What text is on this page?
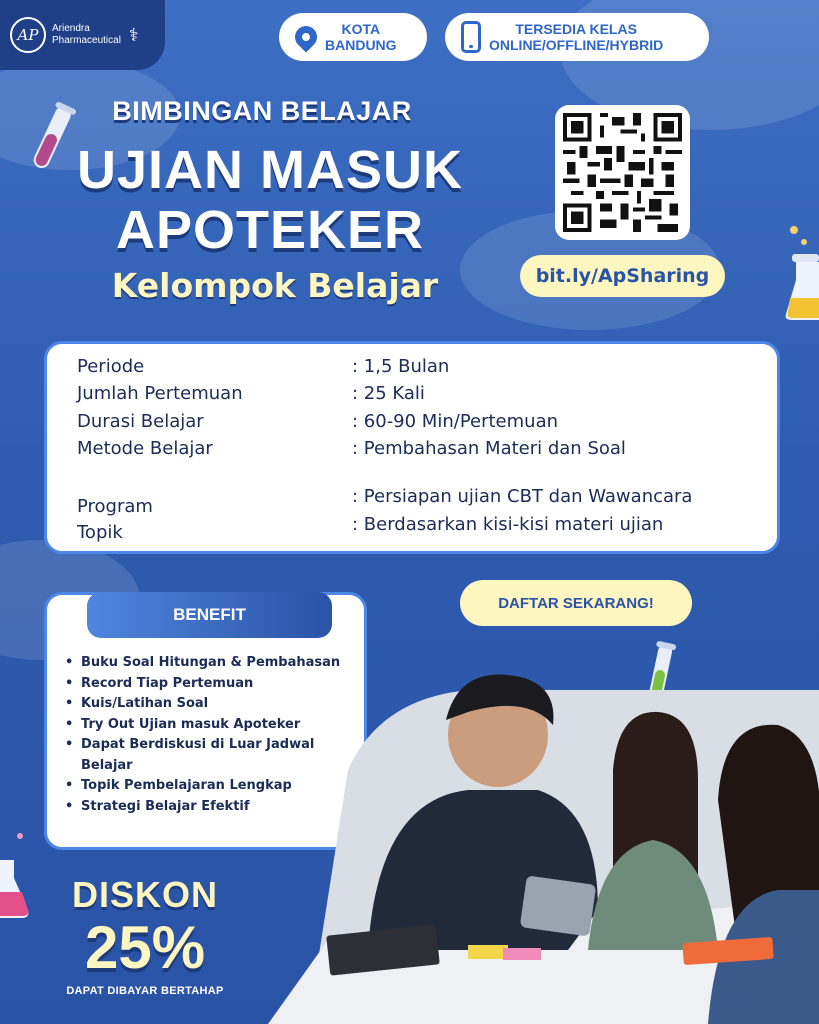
AP	Ariendra
Pharmaceutical ⚕	KOTA
BANDUNG
TERSEDIA KELAS
ONLINE/OFFLINE/HYBRID
BIMBINGAN BELAJAR
UJIAN MASUK
APOTEKER
Kelompok Belajar	bit.ly/ApSharing
Periode	: 1,5 Bulan
Jumlah Pertemuan	: 25 Kali
Durasi Belajar	: 60-90 Min/Pertemuan
Metode Belajar	: Pembahasan Materi dan Soal
Program	: Persiapan ujian CBT dan Wawancara
Topik	: Berdasarkan kisi-kisi materi ujian
BENEFIT
• Buku Soal Hitungan & Pembahasan
• Record Tiap Pertemuan
• Kuis/Latihan Soal
• Try Out Ujian masuk Apoteker
• Dapat Berdiskusi di Luar Jadwal Belajar
• Topik Pembelajaran Lengkap
• Strategi Belajar Efektif
DAFTAR SEKARANG!
DISKON
25%
DAPAT DIBAYAR BERTAHAP
